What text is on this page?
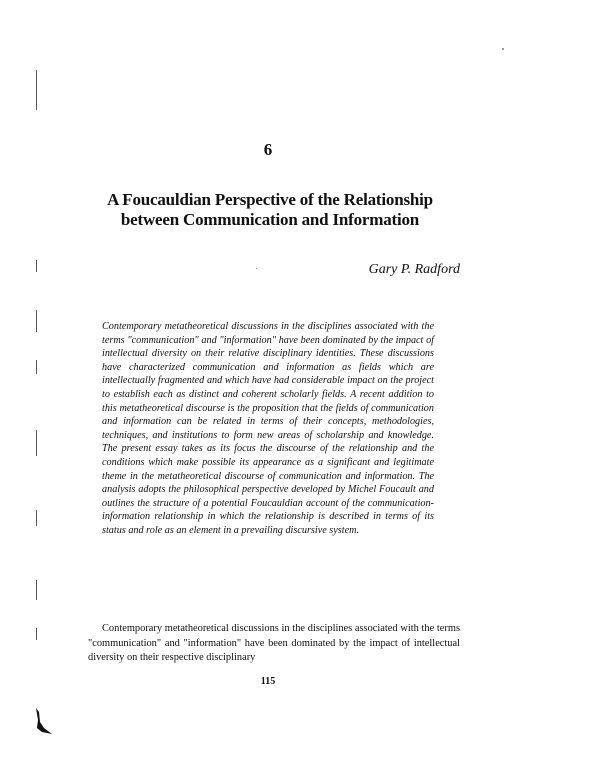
6
A Foucauldian Perspective of the Relationship
between Communication and Information
Gary P. Radford
Contemporary metatheoretical discussions in the disciplines associated with the terms "communication" and "information" have been dominated by the impact of intellectual diversity on their relative disciplinary identities. These discussions have characterized communication and information as fields which are intellectually fragmented and which have had considerable impact on the project to establish each as distinct and coherent scholarly fields. A recent addition to this metatheoretical discourse is the proposition that the fields of communication and information can be related in terms of their concepts, methodologies, techniques, and institutions to form new areas of scholarship and knowledge. The present essay takes as its focus the discourse of the relationship and the conditions which make possible its appearance as a significant and legitimate theme in the metatheoretical discourse of communication and information. The analysis adopts the philosophical perspective developed by Michel Foucault and outlines the structure of a potential Foucauldian account of the communication-information relationship in which the relationship is described in terms of its status and role as an element in a prevailing discursive system.
Contemporary metatheoretical discussions in the disciplines associated with the terms "communication" and "information" have been dominated by the impact of intellectual diversity on their respective disciplinary
115
